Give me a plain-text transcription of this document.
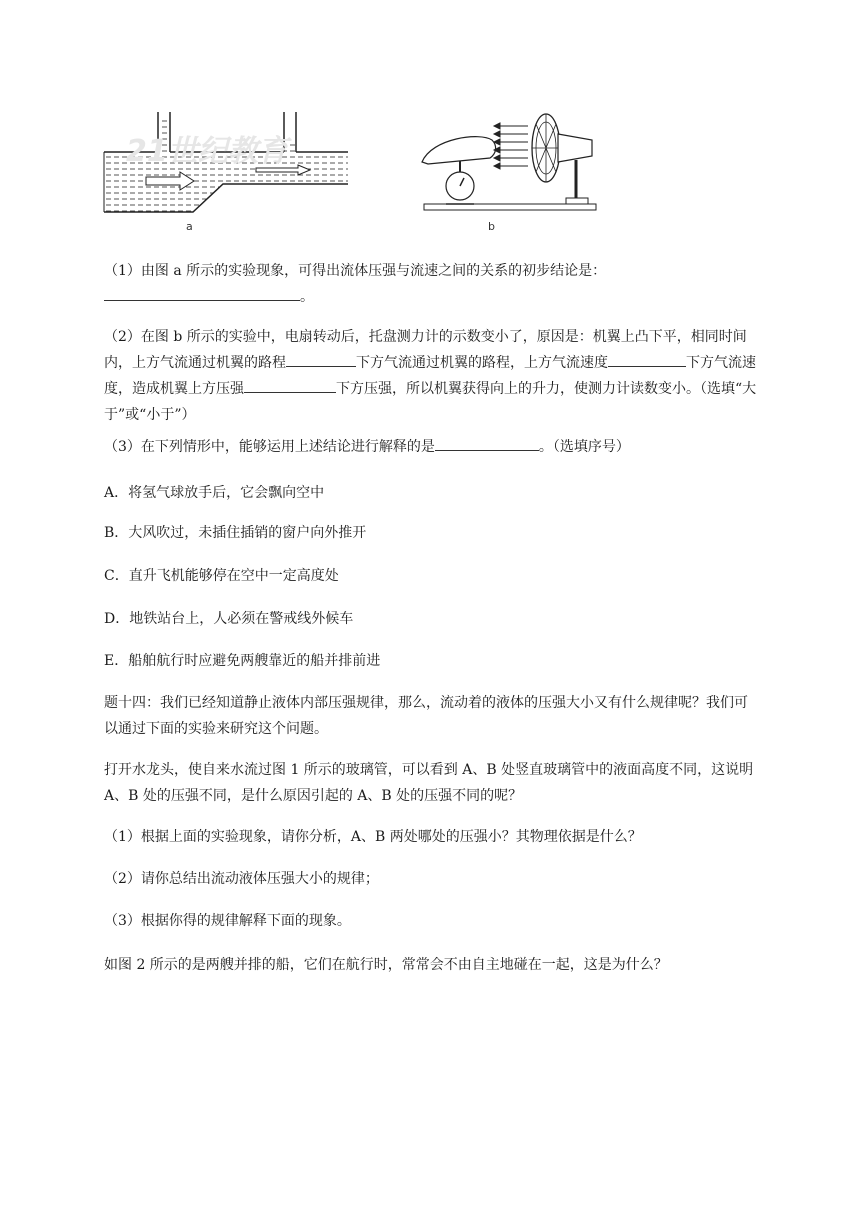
a
21世纪教育
b

（1）由图 a 所示的实验现象，可得出流体压强与流速之间的关系的初步结论是：
。

（2）在图 b 所示的实验中，电扇转动后，托盘测力计的示数变小了，原因是：机翼上凸下平，相同时间内，上方气流通过机翼的路程	下方气流通过机翼的路程，上方气流速度	下方气流速度，造成机翼上方压强	下方压强，所以机翼获得向上的升力，使测力计读数变小。（选填“大于”或“小于”）

（3）在下列情形中，能够运用上述结论进行解释的是	。（选填序号）

A．将氢气球放手后，它会飘向空中

B．大风吹过，未插住插销的窗户向外推开

C．直升飞机能够停在空中一定高度处

D．地铁站台上，人必须在警戒线外候车

E．船舶航行时应避免两艘靠近的船并排前进

题十四：我们已经知道静止液体内部压强规律，那么，流动着的液体的压强大小又有什么规律呢？我们可以通过下面的实验来研究这个问题。

打开水龙头，使自来水流过图 1 所示的玻璃管，可以看到 A、B 处竖直玻璃管中的液面高度不同，这说明 A、B 处的压强不同，是什么原因引起的 A、B 处的压强不同的呢？

（1）根据上面的实验现象，请你分析，A、B 两处哪处的压强小？其物理依据是什么？

（2）请你总结出流动液体压强大小的规律；

（3）根据你得的规律解释下面的现象。

如图 2 所示的是两艘并排的船，它们在航行时，常常会不由自主地碰在一起，这是为什么？
